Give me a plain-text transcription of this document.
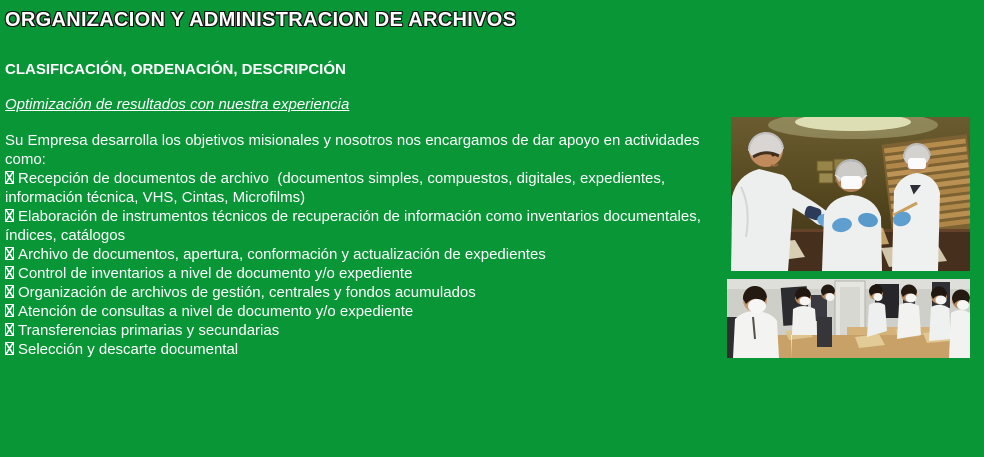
ORGANIZACION Y ADMINISTRACION DE ARCHIVOS
CLASIFICACIÓN, ORDENACIÓN, DESCRIPCIÓN
Optimización de resultados con nuestra experiencia
Su Empresa desarrolla los objetivos misionales y nosotros nos encargamos de dar apoyo en actividades como:
Recepción de documentos de archivo  (documentos simples, compuestos, digitales, expedientes, información técnica, VHS, Cintas, Microfilms)
Elaboración de instrumentos técnicos de recuperación de información como inventarios documentales, índices, catálogos
Archivo de documentos, apertura, conformación y actualización de expedientes
Control de inventarios a nivel de documento y/o expediente
Organización de archivos de gestión, centrales y fondos acumulados
Atención de consultas a nivel de documento y/o expediente
Transferencias primarias y secundarias
Selección y descarte documental
